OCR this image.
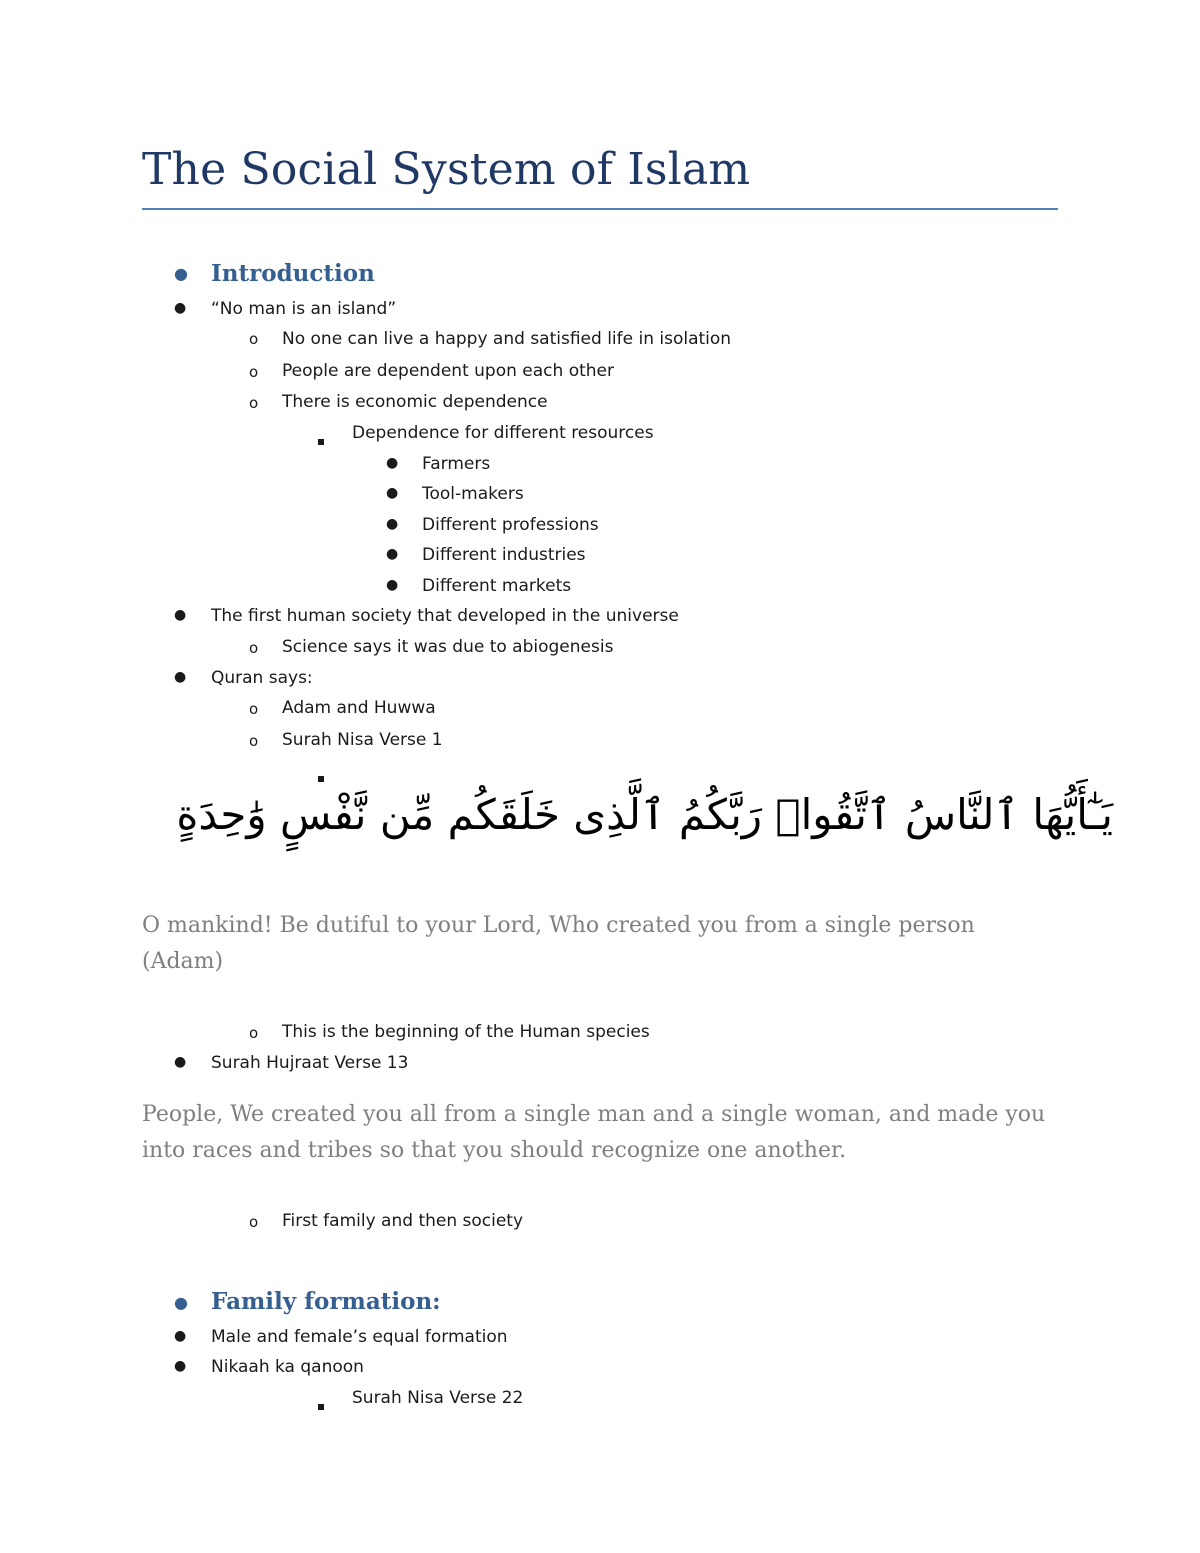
The Social System of Islam
● Introduction
● “No man is an island”
o No one can live a happy and satisfied life in isolation
o People are dependent upon each other
o There is economic dependence
Dependence for different resources
● Farmers
● Tool-makers
● Different professions
● Different industries
● Different markets
● The first human society that developed in the universe
o Science says it was due to abiogenesis
● Quran says:
o Adam and Huwwa
o Surah Nisa Verse 1
يَـٰٓأَيُّهَا ٱلنَّاسُ ٱتَّقُوا۟ رَبَّكُمُ ٱلَّذِى خَلَقَكُم مِّن نَّفْسٍ وَٰحِدَةٍ
O mankind! Be dutiful to your Lord, Who created you from a single person (Adam)
o This is the beginning of the Human species
● Surah Hujraat Verse 13
People, We created you all from a single man and a single woman, and made you into races and tribes so that you should recognize one another.
o First family and then society
● Family formation:
● Male and female’s equal formation
● Nikaah ka qanoon
Surah Nisa Verse 22
